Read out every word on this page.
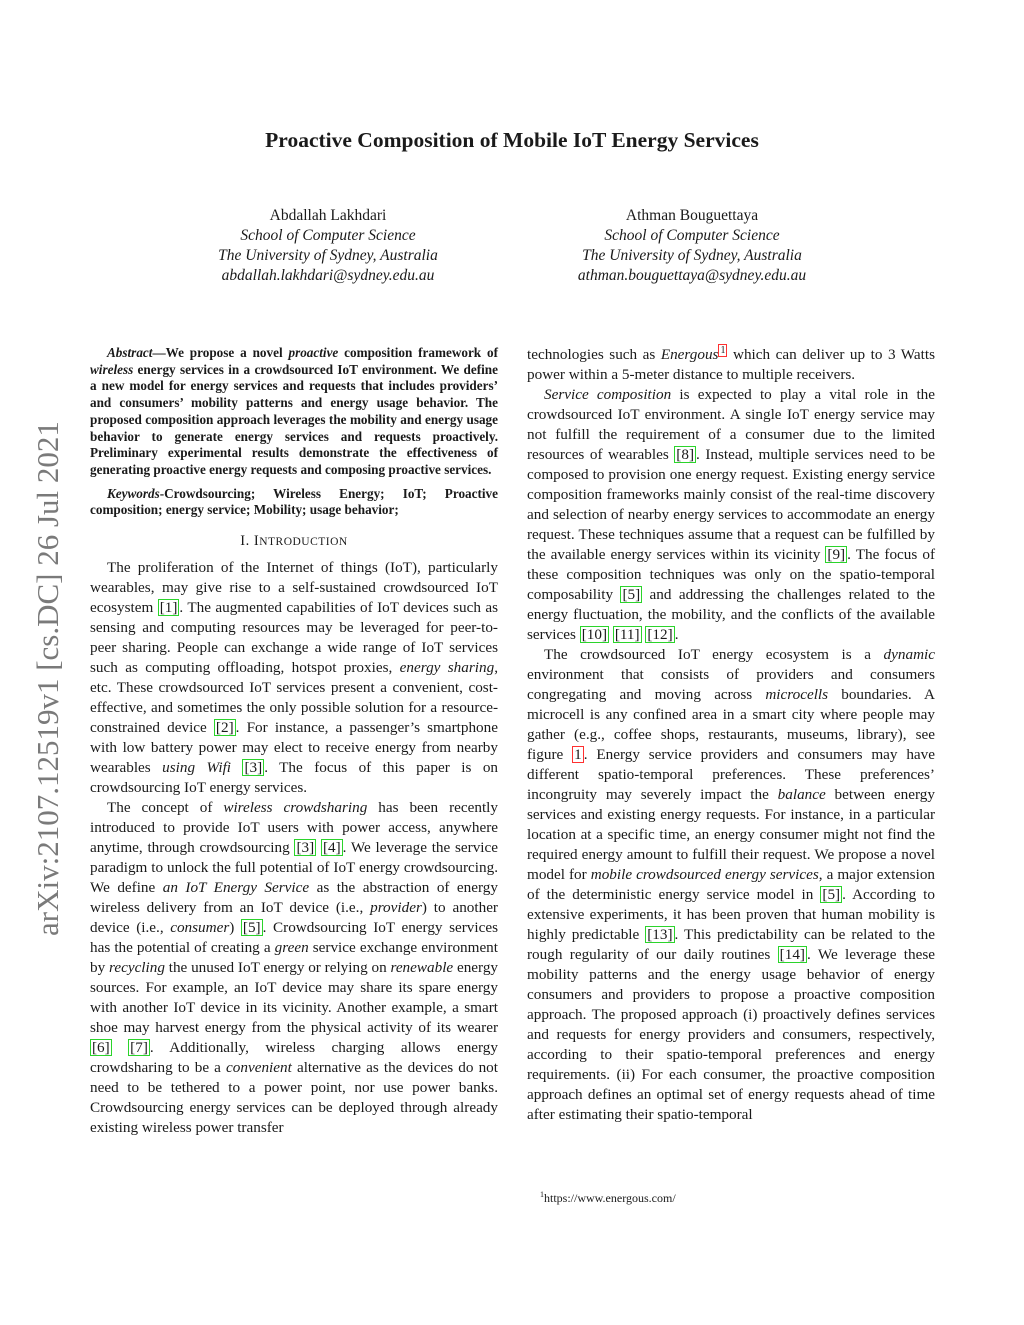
arXiv:2107.12519v1 [cs.DC] 26 Jul 2021
Proactive Composition of Mobile IoT Energy Services
Abdallah Lakhdari
School of Computer Science
The University of Sydney, Australia
abdallah.lakhdari@sydney.edu.au
Athman Bouguettaya
School of Computer Science
The University of Sydney, Australia
athman.bouguettaya@sydney.edu.au

Abstract—We propose a novel proactive composition framework of wireless energy services in a crowdsourced IoT environment. We define a new model for energy services and requests that includes providers’ and consumers’ mobility patterns and energy usage behavior. The proposed composition approach leverages the mobility and energy usage behavior to generate energy services and requests proactively. Preliminary experimental results demonstrate the effectiveness of generating proactive energy requests and composing proactive services.

Keywords-Crowdsourcing; Wireless Energy; IoT; Proactive composition; energy service; Mobility; usage behavior;

I. INTRODUCTION

The proliferation of the Internet of things (IoT), particularly wearables, may give rise to a self-sustained crowdsourced IoT ecosystem [1] . The augmented capabilities of IoT devices such as sensing and computing resources may be leveraged for peer-to-peer sharing. People can exchange a wide range of IoT services such as computing offloading, hotspot proxies, energy sharing, etc. These crowdsourced IoT services present a convenient, cost-effective, and sometimes the only possible solution for a resource-constrained device [2] . For instance, a passenger’s smartphone with low battery power may elect to receive energy from nearby wearables using Wifi [3] . The focus of this paper is on crowdsourcing IoT energy services.

The concept of wireless crowdsharing has been recently introduced to provide IoT users with power access, anywhere anytime, through crowdsourcing [3] [4] . We leverage the service paradigm to unlock the full potential of IoT energy crowdsourcing. We define an IoT Energy Service as the abstraction of energy wireless delivery from an IoT device (i.e., provider) to another device (i.e., consumer) [5] . Crowdsourcing IoT energy services has the potential of creating a green service exchange environment by recycling the unused IoT energy or relying on renewable energy sources. For example, an IoT device may share its spare energy with another IoT device in its vicinity. Another example, a smart shoe may harvest energy from the physical activity of its wearer [6] [7] . Additionally, wireless charging allows energy crowdsharing to be a convenient alternative as the devices do not need to be tethered to a power point, nor use power banks. Crowdsourcing energy services can be deployed through already existing wireless power transfer

technologies such as Energous $^1$ which can deliver up to 3 Watts power within a 5-meter distance to multiple receivers.

Service composition is expected to play a vital role in the crowdsourced IoT environment. A single IoT energy service may not fulfill the requirement of a consumer due to the limited resources of wearables [8] . Instead, multiple services need to be composed to provision one energy request. Existing energy service composition frameworks mainly consist of the real-time discovery and selection of nearby energy services to accommodate an energy request. These techniques assume that a request can be fulfilled by the available energy services within its vicinity [9] . The focus of these composition techniques was only on the spatio-temporal composability [5] and addressing the challenges related to the energy fluctuation, the mobility, and the conflicts of the available services [10] [11] [12] .

The crowdsourced IoT energy ecosystem is a dynamic environment that consists of providers and consumers congregating and moving across microcells boundaries. A microcell is any confined area in a smart city where people may gather (e.g., coffee shops, restaurants, museums, library), see figure 1 . Energy service providers and consumers may have different spatio-temporal preferences. These preferences’ incongruity may severely impact the balance between energy services and existing energy requests. For instance, in a particular location at a specific time, an energy consumer might not find the required energy amount to fulfill their request. We propose a novel model for mobile crowdsourced energy services, a major extension of the deterministic energy service model in [5] . According to extensive experiments, it has been proven that human mobility is highly predictable [13] . This predictability can be related to the rough regularity of our daily routines [14] . We leverage these mobility patterns and the energy usage behavior of energy consumers and providers to propose a proactive composition approach. The proposed approach (i) proactively defines services and requests for energy providers and consumers, respectively, according to their spatio-temporal preferences and energy requirements. (ii) For each consumer, the proactive composition approach defines an optimal set of energy requests ahead of time after estimating their spatio-temporal

$^1$https://www.energous.com/
